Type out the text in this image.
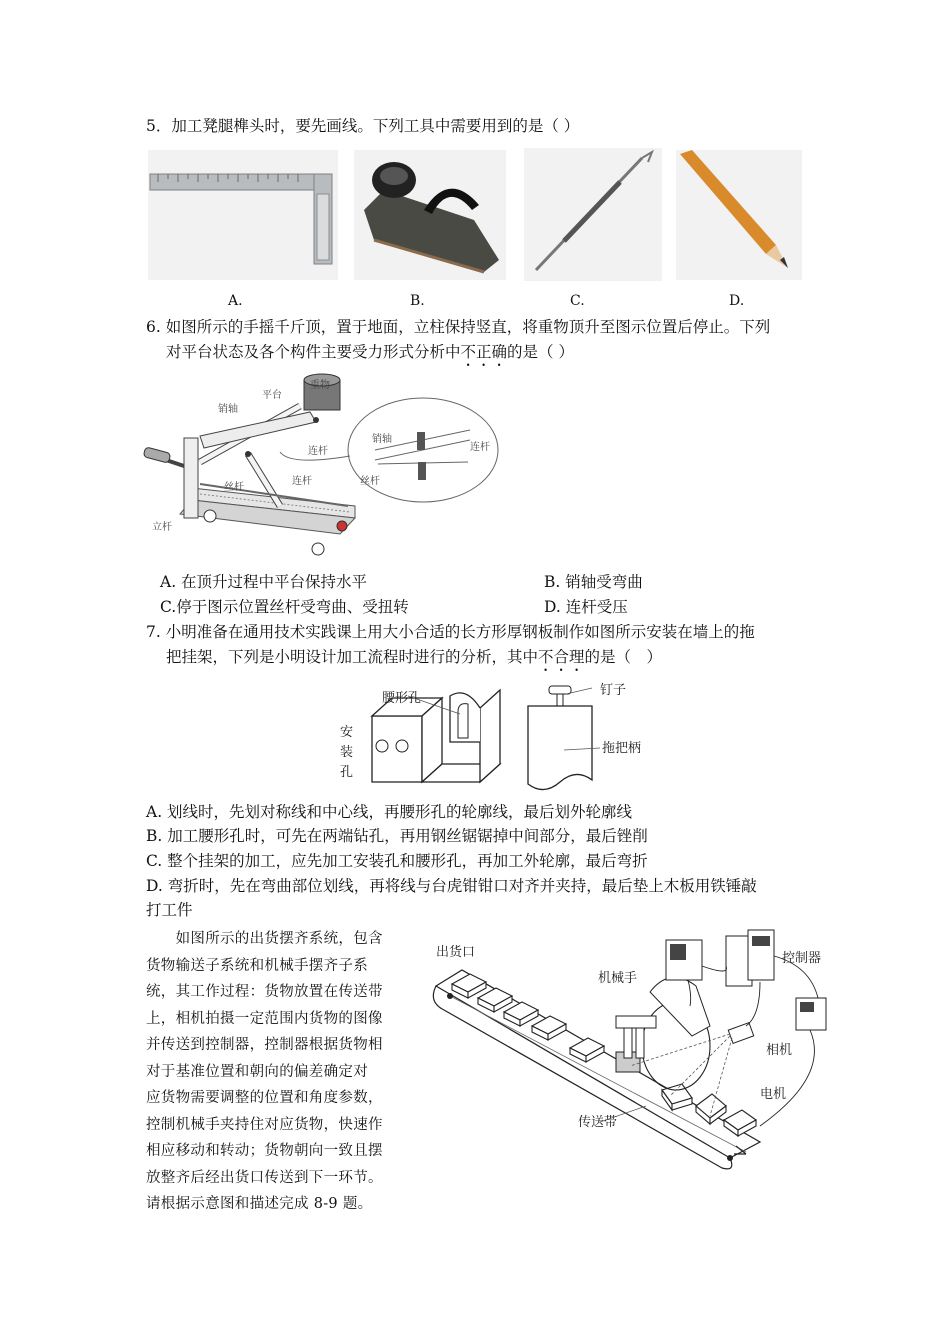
5．加工凳腿榫头时，要先画线。下列工具中需要用到的是（ ）
A.	B.	C.	D.
6. 如图所示的手摇千斤顶，置于地面，立柱保持竖直，将重物顶升至图示位置后停止。下列
对平台状态及各个构件主要受力形式分析中不正确的是（ ）
重物
平台
销轴
连杆
丝杆
连杆
立杆
销轴
连杆
丝杆
A. 在顶升过程中平台保持水平	B. 销轴受弯曲
C.停于图示位置丝杆受弯曲、受扭转	D. 连杆受压
7. 小明准备在通用技术实践课上用大小合适的长方形厚钢板制作如图所示安装在墙上的拖
把挂架，下列是小明设计加工流程时进行的分析，其中不合理的是（　）
腰形孔
安
装
孔
钉子
拖把柄
A. 划线时，先划对称线和中心线，再腰形孔的轮廓线，最后划外轮廓线
B. 加工腰形孔时，可先在两端钻孔，再用钢丝锯锯掉中间部分，最后锉削
C. 整个挂架的加工，应先加工安装孔和腰形孔，再加工外轮廓，最后弯折
D. 弯折时，先在弯曲部位划线，再将线与台虎钳钳口对齐并夹持，最后垫上木板用铁锤敲
打工件
　　如图所示的出货摆齐系统，包含
货物输送子系统和机械手摆齐子系
统，其工作过程：货物放置在传送带
上，相机拍摄一定范围内货物的图像
并传送到控制器，控制器根据货物相
对于基准位置和朝向的偏差确定对
应货物需要调整的位置和角度参数，
控制机械手夹持住对应货物，快速作
相应移动和转动；货物朝向一致且摆
放整齐后经出货口传送到下一环节。
请根据示意图和描述完成 8-9 题。
出货口
机械手
控制器
相机
电机
传送带
